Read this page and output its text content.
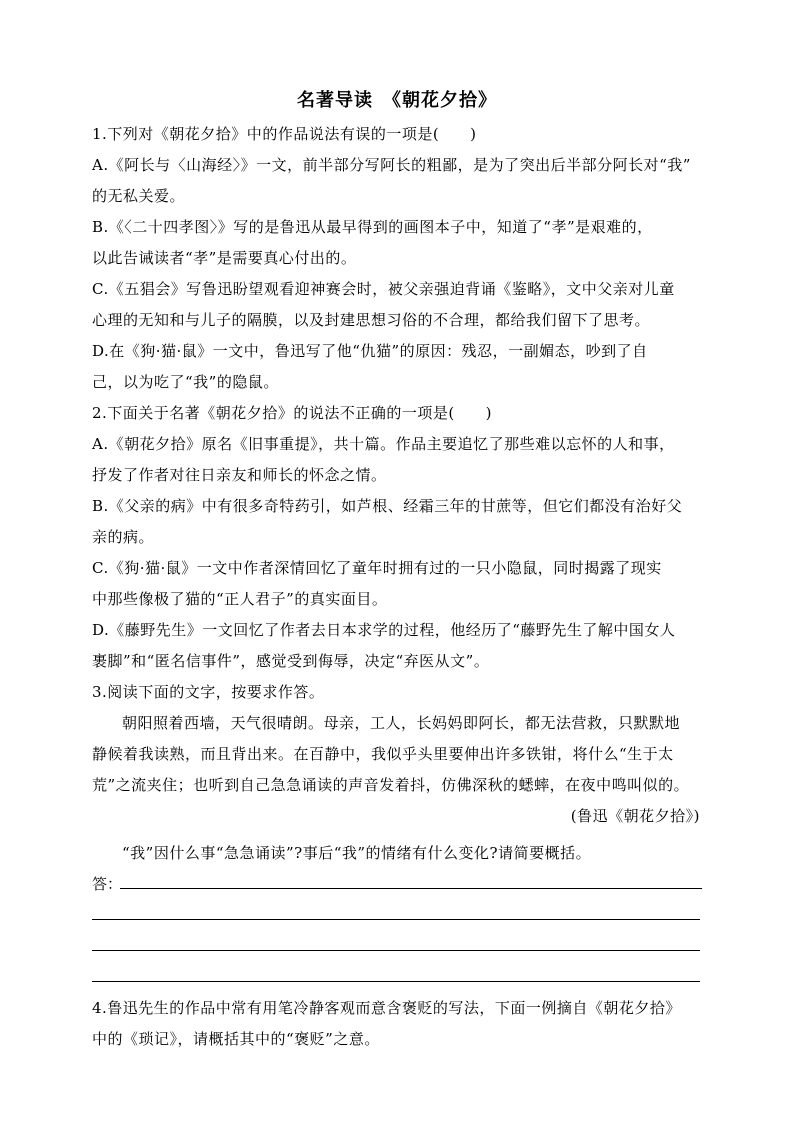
名著导读　《朝花夕拾》
1.下列对《朝花夕拾》中的作品说法有误的一项是(　　)
A.《阿长与〈山海经〉》一文，前半部分写阿长的粗鄙，是为了突出后半部分阿长对“我”
的无私关爱。
B.《〈二十四孝图〉》写的是鲁迅从最早得到的画图本子中，知道了“孝”是艰难的，
以此告诫读者“孝”是需要真心付出的。
C.《五猖会》写鲁迅盼望观看迎神赛会时，被父亲强迫背诵《鉴略》，文中父亲对儿童
心理的无知和与儿子的隔膜，以及封建思想习俗的不合理，都给我们留下了思考。
D.在《狗·猫·鼠》一文中，鲁迅写了他“仇猫”的原因：残忍，一副媚态，吵到了自
己，以为吃了“我”的隐鼠。
2.下面关于名著《朝花夕拾》的说法不正确的一项是(　　)
A.《朝花夕拾》原名《旧事重提》，共十篇。作品主要追忆了那些难以忘怀的人和事，
抒发了作者对往日亲友和师长的怀念之情。
B.《父亲的病》中有很多奇特药引，如芦根、经霜三年的甘蔗等，但它们都没有治好父
亲的病。
C.《狗·猫·鼠》一文中作者深情回忆了童年时拥有过的一只小隐鼠，同时揭露了现实
中那些像极了猫的“正人君子”的真实面目。
D.《藤野先生》一文回忆了作者去日本求学的过程，他经历了“藤野先生了解中国女人
裹脚”和“匿名信事件”，感觉受到侮辱，决定“弃医从文”。
3.阅读下面的文字，按要求作答。
朝阳照着西墙，天气很晴朗。母亲，工人，长妈妈即阿长，都无法营救，只默默地
静候着我读熟，而且背出来。在百静中，我似乎头里要伸出许多铁钳，将什么“生于太
荒”之流夹住；也听到自己急急诵读的声音发着抖，仿佛深秋的蟋蟀，在夜中鸣叫似的。
(鲁迅《朝花夕拾》)
“我”因什么事“急急诵读”?事后“我”的情绪有什么变化?请简要概括。
答：
4.鲁迅先生的作品中常有用笔冷静客观而意含褒贬的写法，下面一例摘自《朝花夕拾》
中的《琐记》，请概括其中的“褒贬”之意。
